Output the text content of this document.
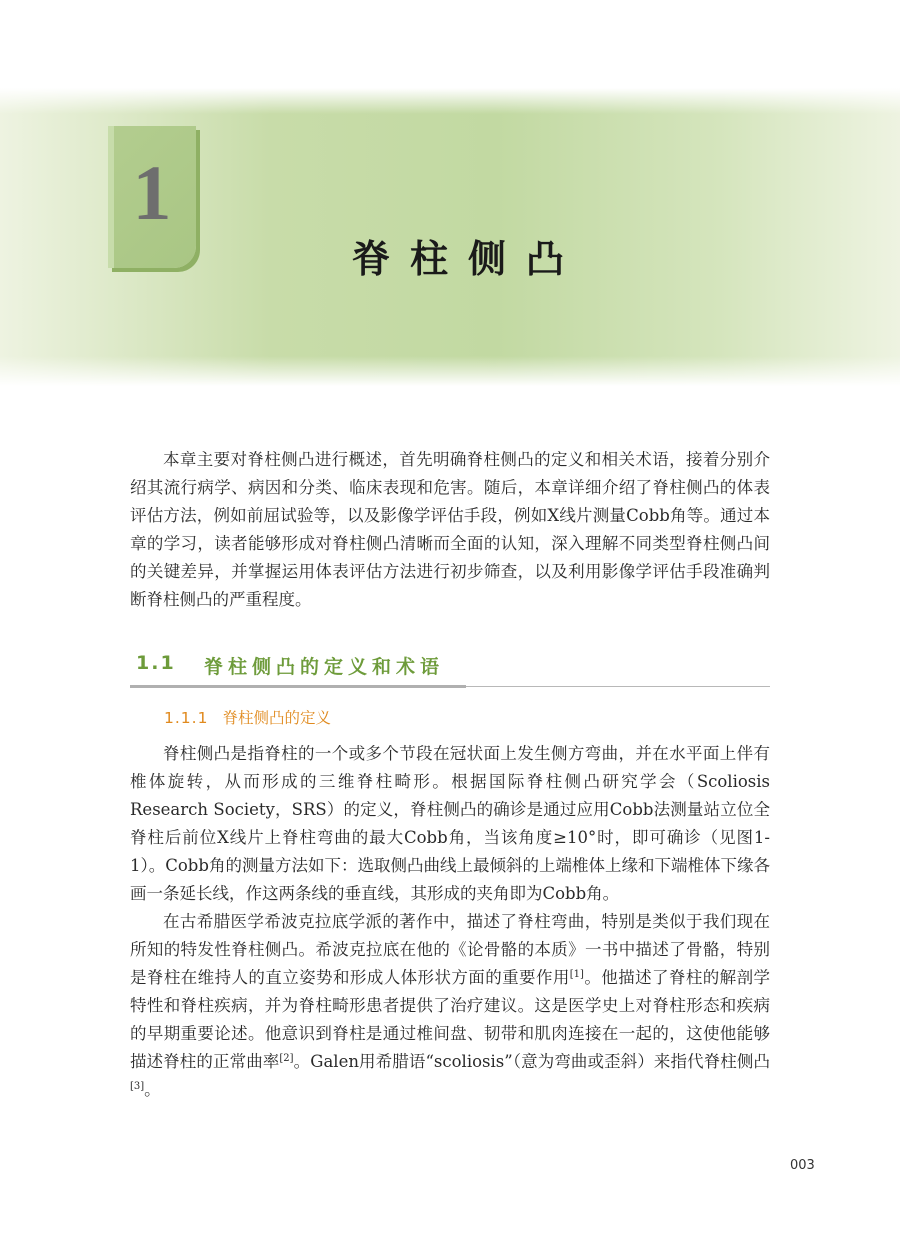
1
脊柱侧凸

本章主要对脊柱侧凸进行概述，首先明确脊柱侧凸的定义和相关术语，接着分别介绍其流行病学、病因和分类、临床表现和危害。随后，本章详细介绍了脊柱侧凸的体表评估方法，例如前屈试验等，以及影像学评估手段，例如X线片测量Cobb角等。通过本章的学习，读者能够形成对脊柱侧凸清晰而全面的认知，深入理解不同类型脊柱侧凸间的关键差异，并掌握运用体表评估方法进行初步筛查，以及利用影像学评估手段准确判断脊柱侧凸的严重程度。

1.1 脊柱侧凸的定义和术语
1.1.1 脊柱侧凸的定义

脊柱侧凸是指脊柱的一个或多个节段在冠状面上发生侧方弯曲，并在水平面上伴有椎体旋转，从而形成的三维脊柱畸形。根据国际脊柱侧凸研究学会（Scoliosis Research Society，SRS）的定义，脊柱侧凸的确诊是通过应用Cobb法测量站立位全脊柱后前位X线片上脊柱弯曲的最大Cobb角，当该角度≥10°时，即可确诊（见图1-1）。Cobb角的测量方法如下：选取侧凸曲线上最倾斜的上端椎体上缘和下端椎体下缘各画一条延长线，作这两条线的垂直线，其形成的夹角即为Cobb角。

在古希腊医学希波克拉底学派的著作中，描述了脊柱弯曲，特别是类似于我们现在所知的特发性脊柱侧凸。希波克拉底在他的《论骨骼的本质》一书中描述了骨骼，特别是脊柱在维持人的直立姿势和形成人体形状方面的重要作用[1]。他描述了脊柱的解剖学特性和脊柱疾病，并为脊柱畸形患者提供了治疗建议。这是医学史上对脊柱形态和疾病的早期重要论述。他意识到脊柱是通过椎间盘、韧带和肌肉连接在一起的，这使他能够描述脊柱的正常曲率[2]。Galen用希腊语“scoliosis”（意为弯曲或歪斜）来指代脊柱侧凸[3]。

003
